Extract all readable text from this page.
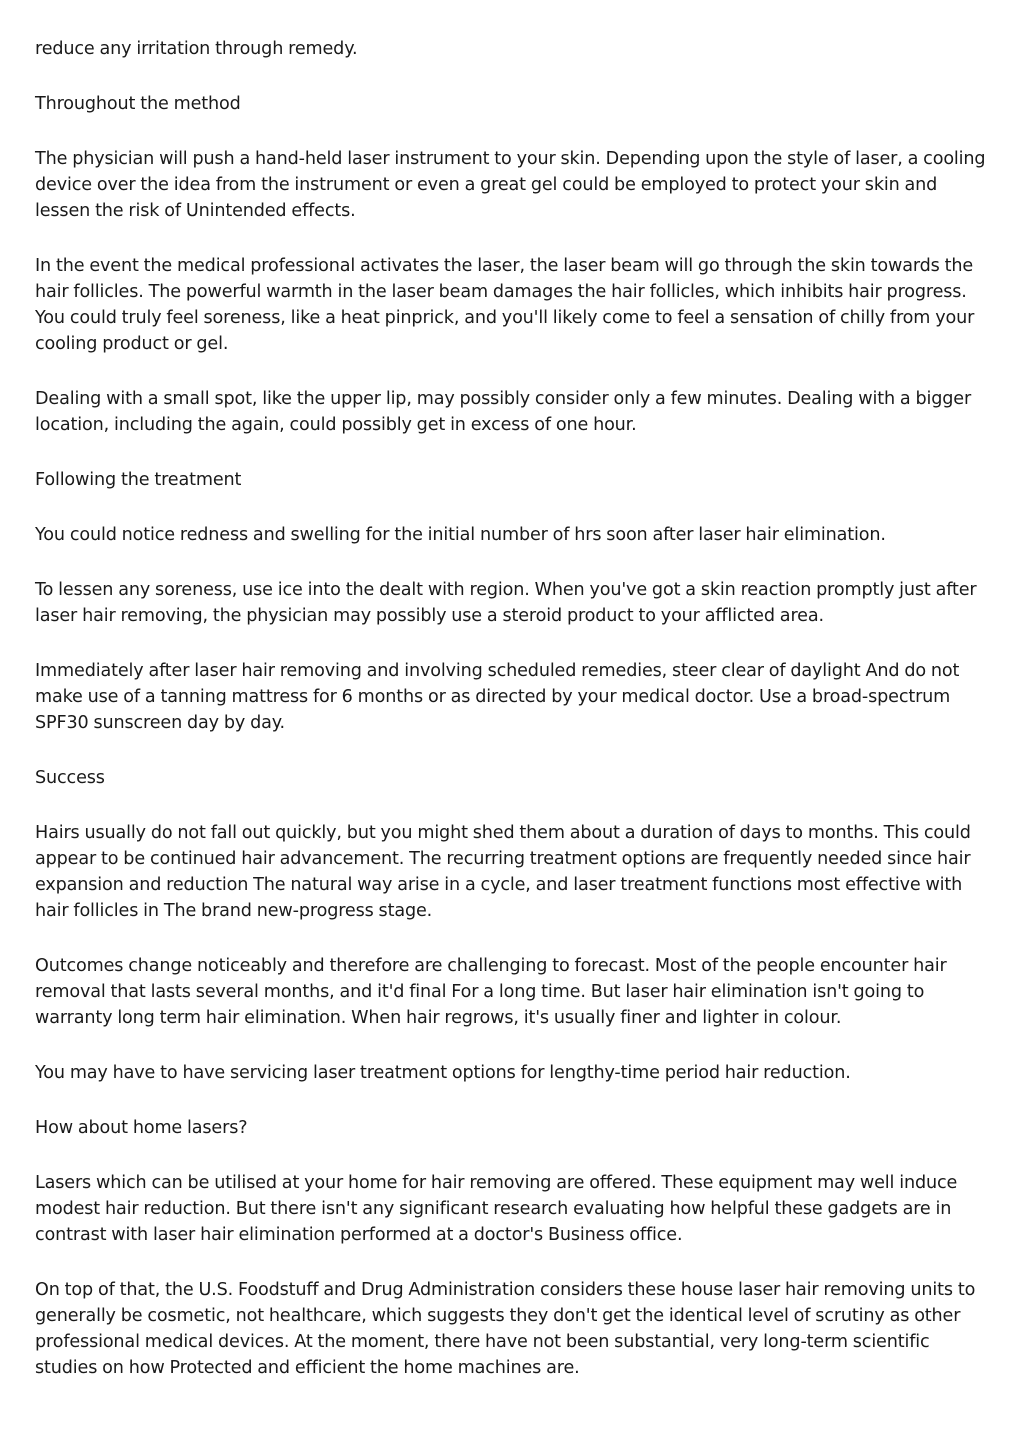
reduce any irritation through remedy.

Throughout the method

The physician will push a hand-held laser instrument to your skin. Depending upon the style of laser, a cooling device over the idea from the instrument or even a great gel could be employed to protect your skin and lessen the risk of Unintended effects.

In the event the medical professional activates the laser, the laser beam will go through the skin towards the hair follicles. The powerful warmth in the laser beam damages the hair follicles, which inhibits hair progress. You could truly feel soreness, like a heat pinprick, and you'll likely come to feel a sensation of chilly from your cooling product or gel.

Dealing with a small spot, like the upper lip, may possibly consider only a few minutes. Dealing with a bigger location, including the again, could possibly get in excess of one hour.

Following the treatment

You could notice redness and swelling for the initial number of hrs soon after laser hair elimination.

To lessen any soreness, use ice into the dealt with region. When you've got a skin reaction promptly just after laser hair removing, the physician may possibly use a steroid product to your afflicted area.

Immediately after laser hair removing and involving scheduled remedies, steer clear of daylight And do not make use of a tanning mattress for 6 months or as directed by your medical doctor. Use a broad-spectrum SPF30 sunscreen day by day.

Success

Hairs usually do not fall out quickly, but you might shed them about a duration of days to months. This could appear to be continued hair advancement. The recurring treatment options are frequently needed since hair expansion and reduction The natural way arise in a cycle, and laser treatment functions most effective with hair follicles in The brand new-progress stage.

Outcomes change noticeably and therefore are challenging to forecast. Most of the people encounter hair removal that lasts several months, and it'd final For a long time. But laser hair elimination isn't going to warranty long term hair elimination. When hair regrows, it's usually finer and lighter in colour.

You may have to have servicing laser treatment options for lengthy-time period hair reduction.

How about home lasers?

Lasers which can be utilised at your home for hair removing are offered. These equipment may well induce modest hair reduction. But there isn't any significant research evaluating how helpful these gadgets are in contrast with laser hair elimination performed at a doctor's Business office.

On top of that, the U.S. Foodstuff and Drug Administration considers these house laser hair removing units to generally be cosmetic, not healthcare, which suggests they don't get the identical level of scrutiny as other professional medical devices. At the moment, there have not been substantial, very long-term scientific studies on how Protected and efficient the home machines are.
